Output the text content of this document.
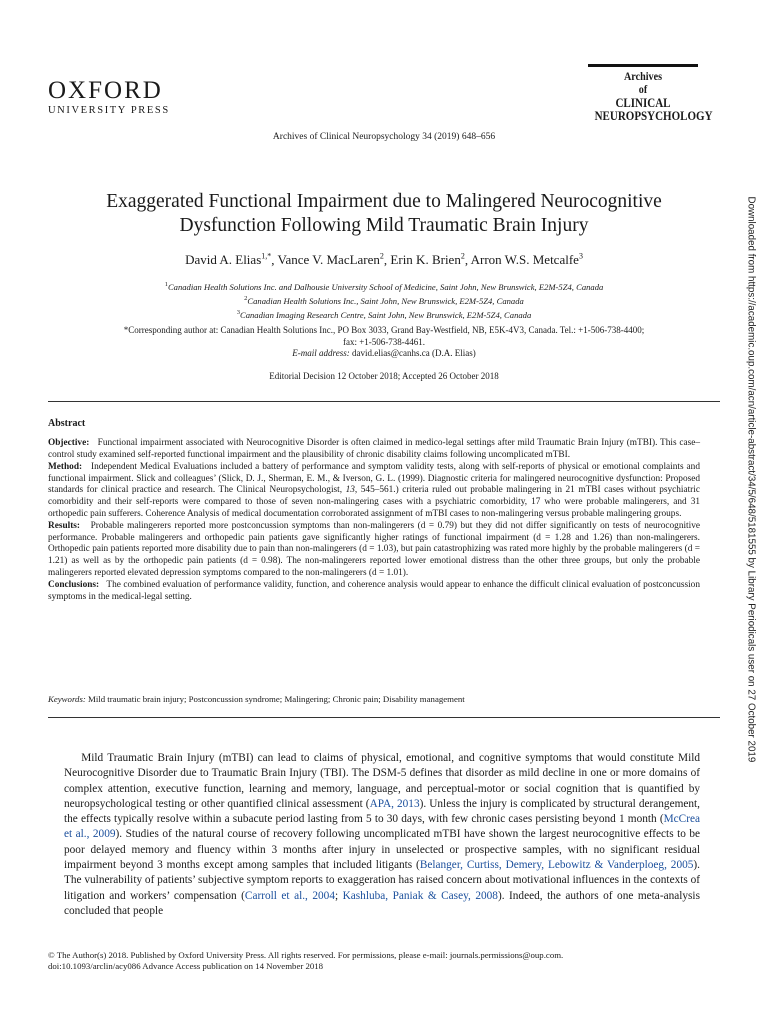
OXFORD
UNIVERSITY PRESS
Archives
of
CLINICAL
NEUROPSYCHOLOGY
Archives of Clinical Neuropsychology 34 (2019) 648–656
Exaggerated Functional Impairment due to Malingered Neurocognitive
Dysfunction Following Mild Traumatic Brain Injury
David A. Elias$^{1,*}$, Vance V. MacLaren$^2$, Erin K. Brien$^2$, Arron W.S. Metcalfe$^3$
$^1$Canadian Health Solutions Inc. and Dalhousie University School of Medicine, Saint John, New Brunswick, E2M-5Z4, Canada
$^2$Canadian Health Solutions Inc., Saint John, New Brunswick, E2M-5Z4, Canada
$^3$Canadian Imaging Research Centre, Saint John, New Brunswick, E2M-5Z4, Canada
*Corresponding author at: Canadian Health Solutions Inc., PO Box 3033, Grand Bay-Westfield, NB, E5K-4V3, Canada. Tel.: +1-506-738-4400;
fax: +1-506-738-4461.
E-mail address: david.elias@canhs.ca (D.A. Elias)
Editorial Decision 12 October 2018; Accepted 26 October 2018
Abstract

Objective: Functional impairment associated with Neurocognitive Disorder is often claimed in medico-legal settings after mild Traumatic Brain Injury (mTBI). This case–control study examined self-reported functional impairment and the plausibility of chronic disability claims following uncomplicated mTBI.

Method: Independent Medical Evaluations included a battery of performance and symptom validity tests, along with self-reports of physical or emotional complaints and functional impairment. Slick and colleagues’ (Slick, D. J., Sherman, E. M., & Iverson, G. L. (1999). Diagnostic criteria for malingered neurocognitive dysfunction: Proposed standards for clinical practice and research. The Clinical Neuropsychologist, 13, 545–561.) criteria ruled out probable malingering in 21 mTBI cases without psychiatric comorbidity and their self-reports were compared to those of seven non-malingering cases with a psychiatric comorbidity, 17 who were probable malingerers, and 31 orthopedic pain sufferers. Coherence Analysis of medical documentation corroborated assignment of mTBI cases to non-malingering versus probable malingering groups.

Results: Probable malingerers reported more postconcussion symptoms than non-malingerers (d = 0.79) but they did not differ significantly on tests of neurocognitive performance. Probable malingerers and orthopedic pain patients gave significantly higher ratings of functional impairment (d = 1.28 and 1.26) than non-malingerers. Orthopedic pain patients reported more disability due to pain than non-malingerers (d = 1.03), but pain catastrophizing was rated more highly by the probable malingerers (d = 1.21) as well as by the orthopedic pain patients (d = 0.98). The non-malingerers reported lower emotional distress than the other three groups, but only the probable malingerers reported elevated depression symptoms compared to the non-malingerers (d = 1.01).

Conclusions: The combined evaluation of performance validity, function, and coherence analysis would appear to enhance the difficult clinical evaluation of postconcussion symptoms in the medical-legal setting.

Keywords: Mild traumatic brain injury; Postconcussion syndrome; Malingering; Chronic pain; Disability management

Mild Traumatic Brain Injury (mTBI) can lead to claims of physical, emotional, and cognitive symptoms that would constitute Mild Neurocognitive Disorder due to Traumatic Brain Injury (TBI). The DSM-5 defines that disorder as mild decline in one or more domains of complex attention, executive function, learning and memory, language, and perceptual-motor or social cognition that is quantified by neuropsychological testing or other quantified clinical assessment (APA, 2013). Unless the injury is complicated by structural derangement, the effects typically resolve within a subacute period lasting from 5 to 30 days, with few chronic cases persisting beyond 1 month (McCrea et al., 2009). Studies of the natural course of recovery following uncomplicated mTBI have shown the largest neurocognitive effects to be poor delayed memory and fluency within 3 months after injury in unselected or prospective samples, with no significant residual impairment beyond 3 months except among samples that included litigants (Belanger, Curtiss, Demery, Lebowitz & Vanderploeg, 2005). The vulnerability of patients’ subjective symptom reports to exaggeration has raised concern about motivational influences in the contexts of litigation and workers’ compensation (Carroll et al., 2004; Kashluba, Paniak & Casey, 2008). Indeed, the authors of one meta-analysis concluded that people

© The Author(s) 2018. Published by Oxford University Press. All rights reserved. For permissions, please e-mail: journals.permissions@oup.com.
doi:10.1093/arclin/acy086 Advance Access publication on 14 November 2018
Downloaded from https://academic.oup.com/acn/article-abstract/34/5/648/5181555 by Library Periodicals user on 27 October 2019
